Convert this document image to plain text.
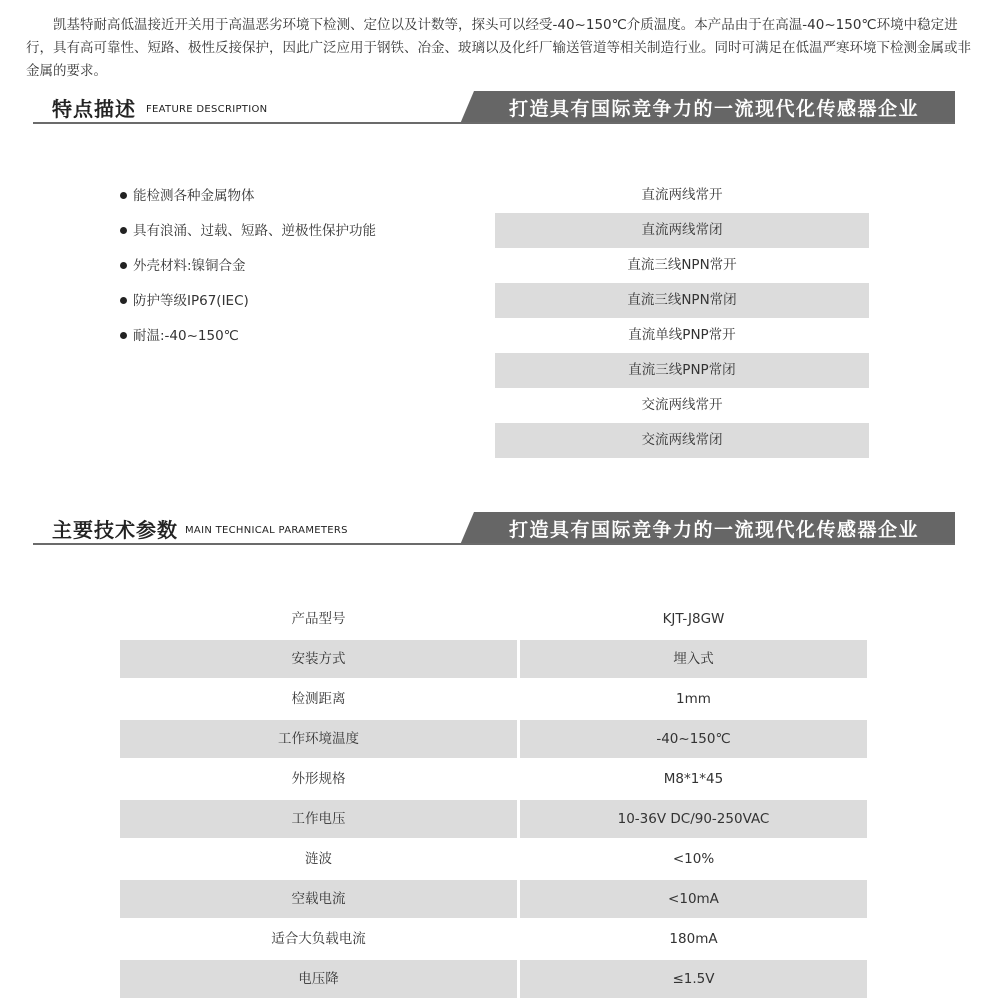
凯基特耐高低温接近开关用于高温恶劣环境下检测、定位以及计数等，探头可以经受-40~150℃介质温度。本产品由于在高温-40~150℃环境中稳定进行，具有高可靠性、短路、极性反接保护，因此广泛应用于钢铁、冶金、玻璃以及化纤厂输送管道等相关制造行业。同时可满足在低温严寒环境下检测金属或非金属的要求。

特点描述 FEATURE DESCRIPTION	打造具有国际竞争力的一流现代化传感器企业
能检测各种金属物体
具有浪涌、过载、短路、逆极性保护功能
外壳材料:镍铜合金
防护等级IP67(IEC)
耐温:-40~150℃
直流两线常开
直流两线常闭
直流三线NPN常开
直流三线NPN常闭
直流单线PNP常开
直流三线PNP常闭
交流两线常开
交流两线常闭
主要技术参数 MAIN TECHNICAL PARAMETERS	打造具有国际竞争力的一流现代化传感器企业
产品型号	KJT-J8GW
安装方式	埋入式
检测距离	1mm
工作环境温度	-40~150℃
外形规格	M8*1*45
工作电压	10-36V DC/90-250VAC
涟波	<10%
空载电流	<10mA
适合大负载电流	180mA
电压降	≤1.5V
